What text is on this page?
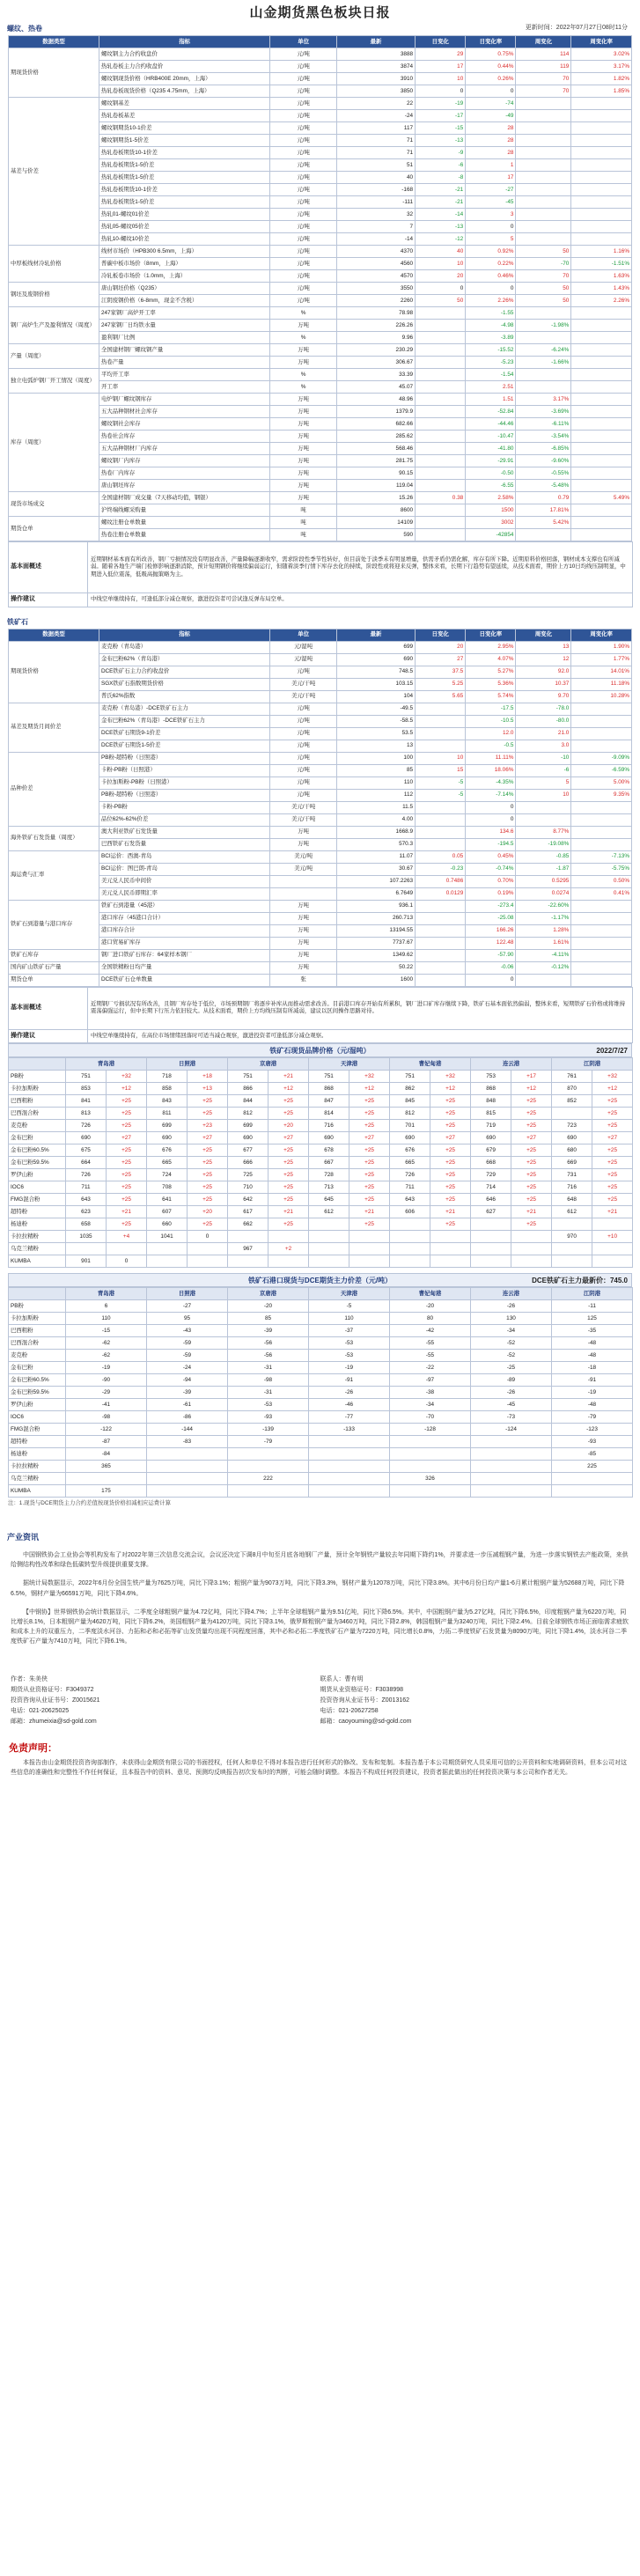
山金期货黑色板块日报
更新时间：2022年07月27日08时11分
螺纹、热卷
数据类型	指标	单位	最新	日变化	日变化率	周变化	周变化率
期现货价格	螺纹钢主力合约收盘价	元/吨	3888	29	0.75%	114	3.02%
	热轧卷板主力合约收盘价	元/吨	3874	17	0.44%	119	3.17%
	螺纹钢现货价格（HRB400E 20mm，上海）	元/吨	3910	10	0.26%	70	1.82%
	热轧卷板现货价格（Q235 4.75mm，上海）	元/吨	3850	0	0	70	1.85%
基差与价差	螺纹钢基差	元/吨	22	-19	-74		
	热轧卷板基差	元/吨	-24	-17	-49		
	螺纹钢期货10-1价差	元/吨	117	-15	28		
	螺纹钢期货1-5价差	元/吨	71	-13	28		
	热轧卷板期货10-1价差	元/吨	71	-9	28		
	热轧卷板期货1-5价差	元/吨	51	-6	1		
	热轧卷板期货1-5价差	元/吨	40	-8	17		
	热轧卷板期货10-1价差	元/吨	-168	-21	-27		
	热轧卷板期货1-5价差	元/吨	-111	-21	-45		
	热轧01-螺纹01价差	元/吨	32	-14	3		
	热轧05-螺纹05价差	元/吨	7	-13	0		
	热轧10-螺纹10价差	元/吨	-14	-12	5		
中厚板线材冷轧价格	线材市场价（HPB300 6.5mm，上海）	元/吨	4370	40	0.92%	50	1.16%
	普碳中板市场价（8mm，上海）	元/吨	4560	10	0.22%	-70	-1.51%
	冷轧板卷市场价（1.0mm，上海）	元/吨	4570	20	0.46%	70	1.63%
钢坯及废钢价格	唐山钢坯价格（Q235）	元/吨	3550	0	0	50	1.43%
	江阴废钢价格（6-8mm，现金不含税）	元/吨	2260	50	2.26%	50	2.26%
钢厂高炉生产及盈利情况（周度）	247家钢厂高炉开工率	%	78.98		-1.55		
	247家钢厂日均铁水量	万吨	226.26		-4.98	-1.98%	
	盈利钢厂比例	%	9.96		-3.89		
产量（周度）	全国建材钢厂螺纹钢产量	万吨	230.29		-15.52	-6.24%	
	热卷产量	万吨	306.67		-5.23	-1.66%	
独立电弧炉钢厂开工情况（周度）	平均开工率	%	33.39		-1.54		
	开工率	%	45.07		2.51		
库存（周度）	电炉钢厂螺纹钢库存	万吨	48.96		1.51	3.17%	
	五大品种钢材社会库存	万吨	1379.9		-52.84	-3.69%	
	螺纹钢社会库存	万吨	682.66		-44.46	-6.11%	
	热卷社会库存	万吨	285.62		-10.47	-3.54%	
	五大品种钢材厂内库存	万吨	568.46		-41.80	-6.85%	
	螺纹钢厂内库存	万吨	281.75		-29.91	-9.60%	
	热卷厂内库存	万吨	90.15		-0.50	-0.55%	
	唐山钢坯库存	万吨	119.04		-6.55	-5.48%	
现货市场成交	全国建材钢厂成交量（7天移动均值，钢银）	万吨	15.26	0.38	2.58%	0.79	5.49%
	沪终端线螺采购量	吨	8600		1500	17.81%	
期货仓单	螺纹注册仓单数量	吨	14109		3002	5.42%	
	热卷注册仓单数量	吨	590		-42854		
基本面概述	近期钢材基本面有所改善，钢厂亏损情况没有明显改善，产量降幅逐渐收窄，需求阶段性季节性转好，但目前处于淡季未有明显增量，供需矛盾仍需化解，库存有所下降。近期原料价格回落，钢材成本支撑也有所减弱。随着各地生产端门检修影响逐渐消除，预计短期钢价将继续偏弱运行，但随着淡季行情下库存去化的持续，阶段性或将迎来反弹，整体来看，长期下行趋势有望延续，从技术面看，期价上方10日均线压制明显，中期进入低位震荡，低吸高抛策略为主。
操作建议	中线空单继续持有，可逢低部分减仓观察，激进投资者可尝试逢反弹布局空单。
铁矿石
数据类型	指标	单位	最新	日变化	日变化率	周变化	周变化率
期现货价格	麦克粉（青岛港）	元/湿吨	699	20	2.95%	13	1.90%
	金布巴粉62%（青岛港）	元/湿吨	690	27	4.07%	12	1.77%
	DCE铁矿石主力合约收盘价	元/吨	748.5	37.5	5.27%	92.0	14.01%
	SGX铁矿石指数期货价格	美元/干吨	103.15	5.25	5.36%	10.37	11.18%
	普氏62%指数	美元/干吨	104	5.65	5.74%	9.70	10.28%
基差及期货月间价差	麦克粉（青岛港）-DCE铁矿石主力	元/吨	-49.5		-17.5	-78.0	
	金布巴粉62%（青岛港）-DCE铁矿石主力	元/吨	-58.5		-10.5	-80.0	
	DCE铁矿石期货9-1价差	元/吨	53.5		12.0	21.0	
	DCE铁矿石期货1-5价差	元/吨	13		-0.5	3.0	
品种价差	PB粉-超特粉（日照港）	元/吨	100	10	11.11%	-10	-9.09%
	卡粉-PB粉（日照港）	元/吨	85	15	18.06%	-6	-6.59%
	卡拉加斯粉-PB粉（日照港）	元/吨	110	-5	-4.35%	5	5.00%
	PB粉-超特粉（日照港）	元/吨	112	-5	-7.14%	10	9.35%
	卡粉-PB粉	美元/干吨	11.5		0		
	品位62%-62%价差	美元/干吨	4.00		0		
海外铁矿石发货量（周度）	澳大利亚铁矿石发货量	万吨	1668.9		134.6	8.77%	
	巴西铁矿石发货量	万吨	570.3		-194.5	-19.08%	
海运费与汇率	BCI运价：西澳-青岛	美元/吨	11.07	0.05	0.45%	-0.85	-7.13%
	BCI运价：图巴朗-青岛	美元/吨	30.67	-0.23	-0.74%	-1.87	-5.75%
	美元兑人民币中间价		107.2263	0.7486	0.70%	0.5295	0.50%
	美元兑人民币即期汇率		6.7649	0.0129	0.19%	0.0274	0.41%
铁矿石到港量与港口库存	铁矿石到港量（45港）	万吨	936.1		-273.4	-22.60%	
	港口库存（45港口合计）	万吨	260.713		-25.08	-1.17%	
	港口库存合计	万吨	13194.55		166.26	1.28%	
	港口贸易矿库存	万吨	7737.67		122.48	1.61%	
铁矿石库存	钢厂进口铁矿石库存：64家样本钢厂	万吨	1349.62		-57.90	-4.11%	
国内矿山铁矿石产量	全国铁精粉日均产量	万吨	50.22		-0.06	-0.12%	
期货仓单	DCE铁矿石仓单数量	张	1600		0		
基本面概述	近期钢厂亏损状况有所改善，且钢厂库存处于低位，市场预期钢厂将逐步补库从而推动需求改善。目前港口库存开始有所累积，钢厂进口矿库存继续下降，铁矿石基本面依然偏弱，整体来看，短期铁矿石价格或将维持震荡偏强运行，但中长期下行压力依旧较大。从技术面看，期价上方均线压制有所减弱，建议以区间操作思路对待。
操作建议	中线空单继续持有，在高位市场情绪回落时可适当减仓观察，激进投资者可逢低部分减仓观察。
铁矿石现货品牌价格（元/湿吨）	2022/7/27
	青岛港		日照港		京唐港		天津港		曹妃甸港		连云港		江阴港	
PB粉	751	+32	718	+18	751	+21	751	+32	751	+32	753	+17	761	+32
卡拉加斯粉	853	+12	858	+13	866	+12	868	+12	862	+12	868	+12	870	+12
巴西粗粉	841	+25	843	+25	844	+25	847	+25	845	+25	848	+25	852	+25
巴西混合粉	813	+25	811	+25	812	+25	814	+25	812	+25	815	+25		+25
麦克粉	726	+25	699	+23	699	+20	716	+25	701	+25	719	+25	723	+25
金布巴粉	690	+27	690	+27	690	+27	690	+27	690	+27	690	+27	690	+27
金布巴粉60.5%	675	+25	676	+25	677	+25	678	+25	676	+25	679	+25	680	+25
金布巴粉59.5%	664	+25	665	+25	666	+25	667	+25	665	+25	668	+25	669	+25
罗伊山粉	726	+25	724	+25	725	+25	728	+25	726	+25	729	+25	731	+25
IOC6	711	+25	708	+25	710	+25	713	+25	711	+25	714	+25	716	+25
FMG混合粉	643	+25	641	+25	642	+25	645	+25	643	+25	646	+25	648	+25
超特粉	623	+21	607	+20	617	+21	612	+21	606	+21	627	+21	612	+21
杨迪粉	658	+25	660	+25	662	+25		+25		+25		+25		
卡拉拉精粉	1035	+4	1041	0									970	+10
乌克兰精粉					967	+2								
KUMBA	901	0												
铁矿石港口现货与DCE期货主力价差（元/吨）	DCE铁矿石主力最新价：745.0
	青岛港	日照港	京唐港	天津港	曹妃甸港	连云港	江阴港
PB粉	6	-27	-20	-5	-20	-26	-11
卡拉加斯粉	110	95	85	110	80	130	125
巴西粗粉	-15	-43	-39	-37	-42	-34	-35
巴西混合粉	-62	-59	-56	-53	-55	-52	-48
麦克粉	-62	-59	-56	-53	-55	-52	-48
金布巴粉	-19	-24	-31	-19	-22	-25	-18
金布巴粉60.5%	-90	-94	-98	-91	-97	-89	-91
金布巴粉59.5%	-29	-39	-31	-26	-38	-26	-19
罗伊山粉	-41	-61	-53	-46	-34	-45	-48
IOC6	-98	-86	-93	-77	-70	-73	-79
FMG混合粉	-122	-144	-139	-133	-128	-124	-123
超特粉	-87	-83	-79				-93
杨迪粉	-84						-85
卡拉拉精粉	365						225
乌克兰精粉			222		326		
KUMBA	175						
注：1.现货与DCE期货主力合约差值按现货价格扣减相应运费计算
产业资讯

中国钢铁协会工业协会等机构发布了对2022年第三次信息交流会议，会议还决定下调8月中旬至月底各地钢厂产量，预计全年钢铁产量较去年同期下降约1%，并要求进一步压减粗钢产量，为进一步落实钢铁去产能政策，来供给侧结构性改革和绿色低碳转型升级提供重要支撑。

据统计局数据显示，2022年6月份全国生铁产量为7625万吨，同比下降3.1%；粗钢产量为9073万吨，同比下降3.3%，钢材产量为12078万吨，同比下降3.8%。其中6月份日均产量1-6月累计粗钢产量为52688万吨，同比下降6.5%，钢材产量为66591万吨，同比下降4.6%。

【中钢协】世界钢铁协会统计数据显示，二季度全球粗钢产量为4.72亿吨，同比下降4.7%；上半年全球粗钢产量为9.51亿吨，同比下降6.5%。其中，中国粗钢产量为5.27亿吨，同比下降6.5%，印度粗钢产量为6220万吨，同比增长8.1%，日本粗钢产量为4620万吨，同比下降6.2%，美国粗钢产量为4120万吨，同比下降3.1%，俄罗斯粗钢产量为3460万吨，同比下降2.8%，韩国粗钢产量为3240万吨，同比下降2.4%。目前全球钢铁市场正面临需求疲软和成本上升的双重压力，二季度淡水河谷、力拓和必和必拓等矿山发货量均出现不同程度回落，其中必和必拓二季度铁矿石产量为7220万吨，同比增长0.8%，力拓二季度铁矿石发货量为8090万吨，同比下降1.4%，淡水河谷二季度铁矿石产量为7410万吨，同比下降6.1%。

作者：朱美侠
期货从业资格证号：F3049372
投资咨询从业证书号：Z0015621
电话：021-20625025
邮箱：zhumeixia@sd-gold.com
联系人：曹有明
期货从业资格证号：F3038998
投资咨询从业证书号：Z0013162
电话：021-20627258
邮箱：caoyouming@sd-gold.com
免责声明：
本报告由山金期货投资咨询部制作，未获得山金期货有限公司的书面授权，任何人和单位不得对本报告进行任何形式的修改、发布和复制。本报告基于本公司期货研究人员采用可信的公开资料和实地调研资料，但本公司对这些信息的准确性和完整性不作任何保证，且本报告中的资料、意见、预测均反映报告初次发布时的判断，可能会随时调整。本报告不构成任何投资建议，投资者据此做出的任何投资决策与本公司和作者无关。
